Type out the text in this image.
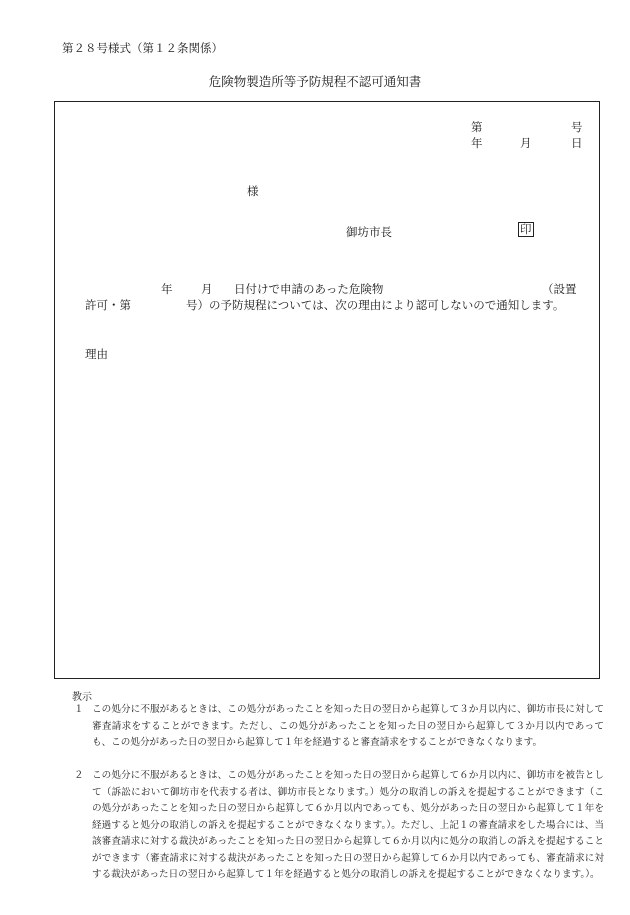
第２８号様式（第１２条関係）
危険物製造所等予防規程不認可通知書
第	号
年	月	日
様
御坊市長	印
年 月 日付けで申請のあった危険物	（設置
許可・第	号）の予防規程については、次の理由により認可しないので通知します。
理由
教示
１ この処分に不服があるときは、この処分があったことを知った日の翌日から起算して３か月以内に、御坊市長に対して審査請求をすることができます。ただし、この処分があったことを知った日の翌日から起算して３か月以内であっても、この処分があった日の翌日から起算して１年を経過すると審査請求をすることができなくなります。
２ この処分に不服があるときは、この処分があったことを知った日の翌日から起算して６か月以内に、御坊市を被告として（訴訟において御坊市を代表する者は、御坊市長となります。）処分の取消しの訴えを提起することができます（この処分があったことを知った日の翌日から起算して６か月以内であっても、処分があった日の翌日から起算して１年を経過すると処分の取消しの訴えを提起することができなくなります。）。ただし、上記１の審査請求をした場合には、当該審査請求に対する裁決があったことを知った日の翌日から起算して６か月以内に処分の取消しの訴えを提起することができます（審査請求に対する裁決があったことを知った日の翌日から起算して６か月以内であっても、審査請求に対する裁決があった日の翌日から起算して１年を経過すると処分の取消しの訴えを提起することができなくなります。）。
